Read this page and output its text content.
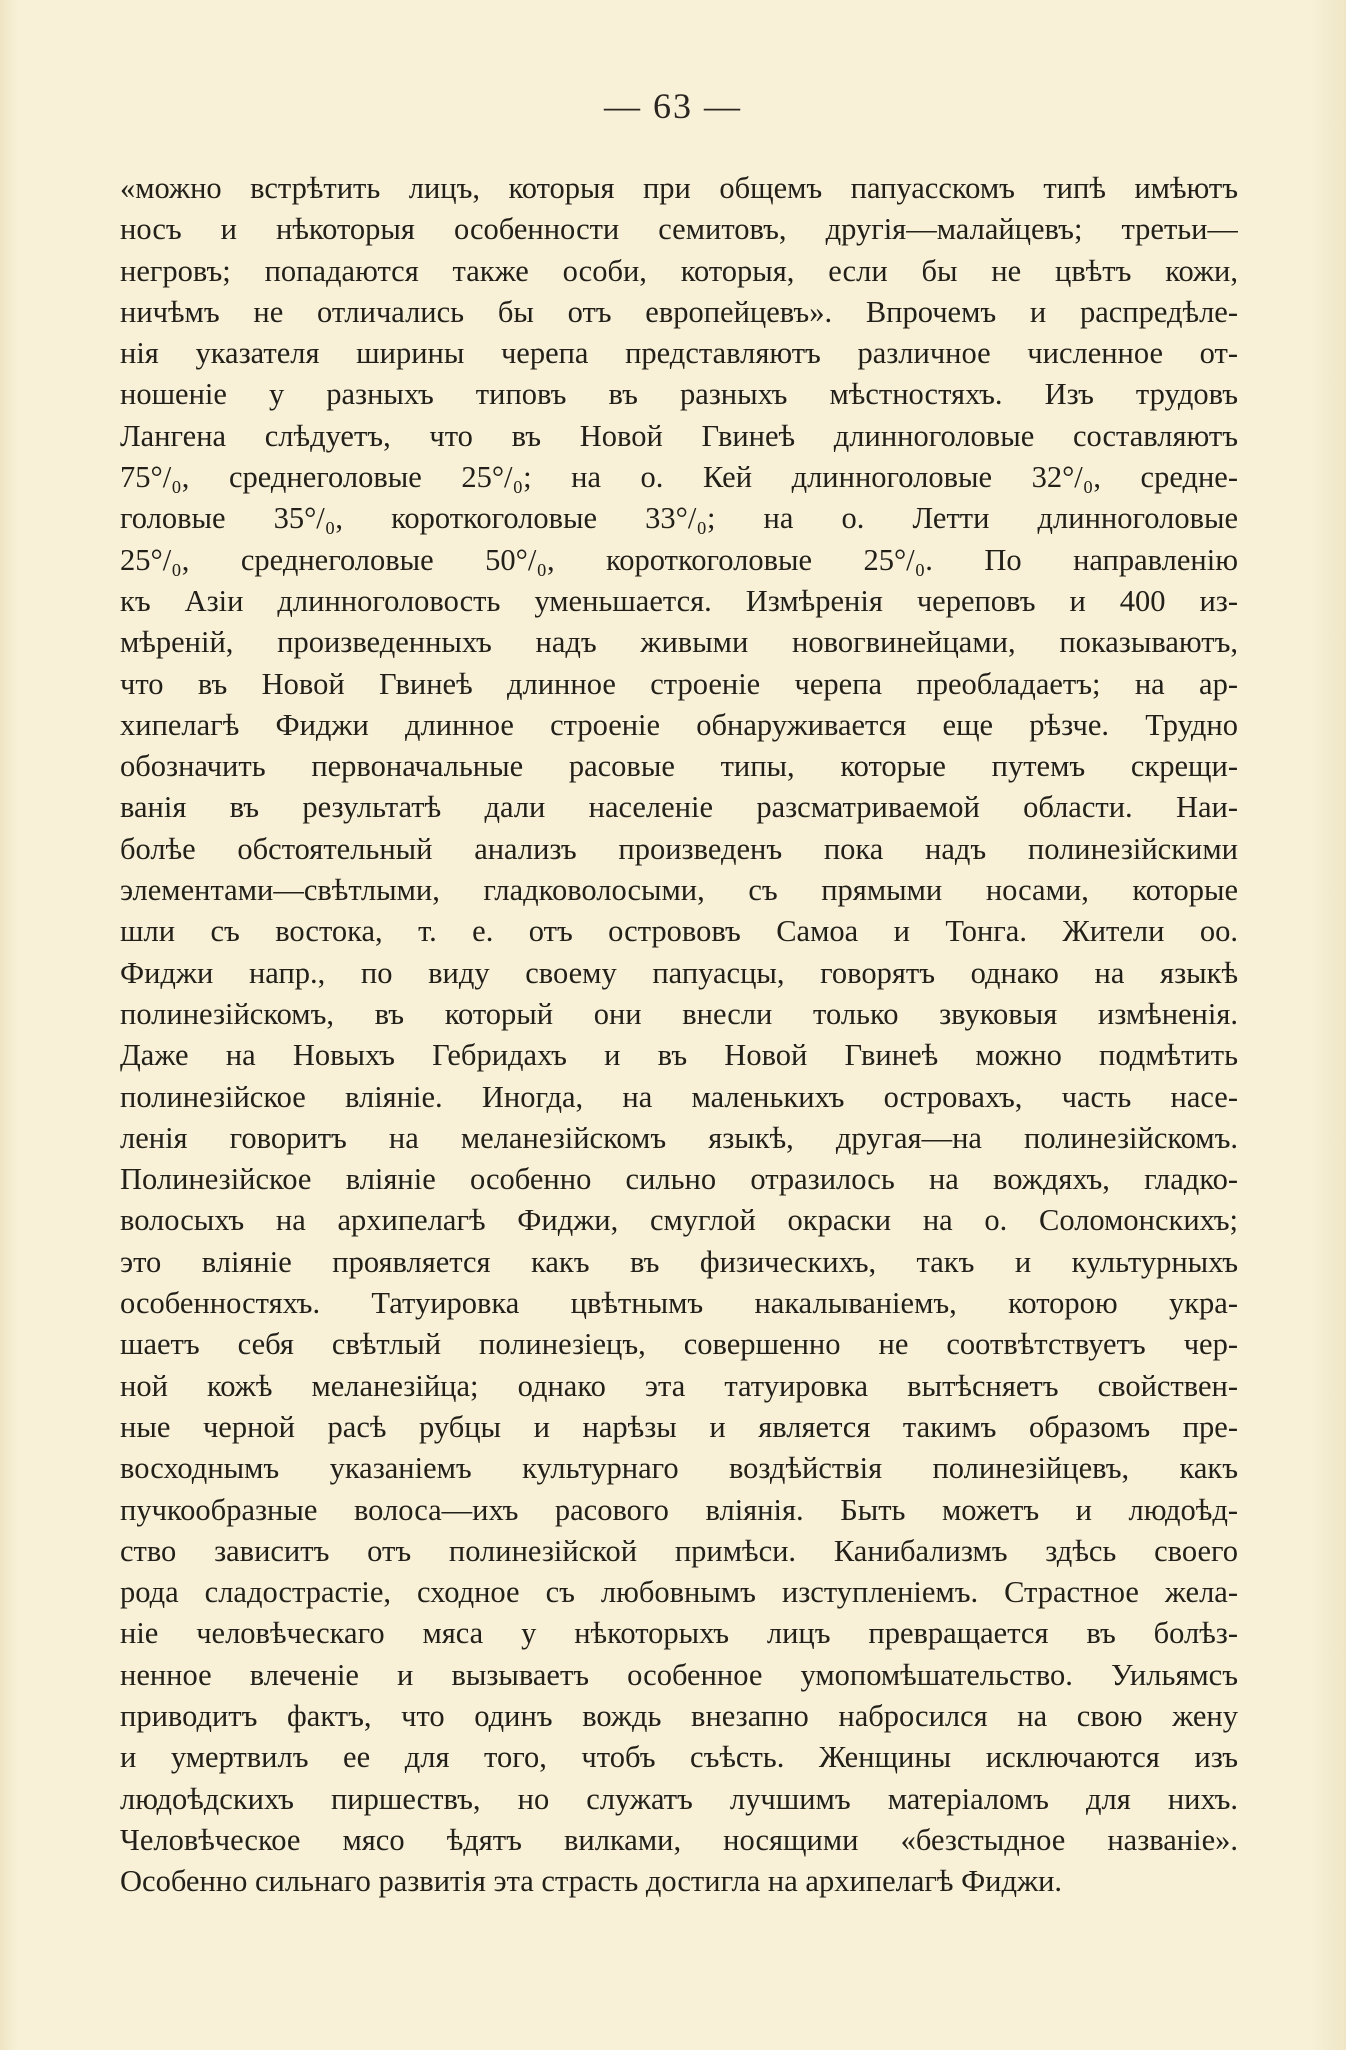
— 63 —
«можно встрѣтить лицъ, которыя при общемъ папуасскомъ типѣ имѣютъ
носъ и нѣкоторыя особенности семитовъ, другія—малайцевъ; третьи—
негровъ; попадаются также особи, которыя, если бы не цвѣтъ кожи,
ничѣмъ не отличались бы отъ европейцевъ». Впрочемъ и распредѣле-
нія указателя ширины черепа представляютъ различное численное от-
ношеніе у разныхъ типовъ въ разныхъ мѣстностяхъ. Изъ трудовъ
Лангена слѣдуетъ, что въ Новой Гвинеѣ длинноголовые составляютъ
75°/₀, среднеголовые 25°/₀; на о. Кей длинноголовые 32°/₀, средне-
головые 35°/₀, короткоголовые 33°/₀; на о. Летти длинноголовые
25°/₀, среднеголовые 50°/₀, короткоголовые 25°/₀. По направленію
къ Азіи длинноголовость уменьшается. Измѣренія череповъ и 400 из-
мѣреній, произведенныхъ надъ живыми новогвинейцами, показываютъ,
что въ Новой Гвинеѣ длинное строеніе черепа преобладаетъ; на ар-
хипелагѣ Фиджи длинное строеніе обнаруживается еще рѣзче. Трудно
обозначить первоначальные расовые типы, которые путемъ скрещи-
ванія въ результатѣ дали населеніе разсматриваемой области. Наи-
болѣе обстоятельный анализъ произведенъ пока надъ полинезійскими
элементами—свѣтлыми, гладковолосыми, съ прямыми носами, которые
шли съ востока, т. е. отъ острововъ Самоа и Тонга. Жители оо.
Фиджи напр., по виду своему папуасцы, говорятъ однако на языкѣ
полинезійскомъ, въ который они внесли только звуковыя измѣненія.
Даже на Новыхъ Гебридахъ и въ Новой Гвинеѣ можно подмѣтить
полинезійское вліяніе. Иногда, на маленькихъ островахъ, часть насе-
ленія говоритъ на меланезійскомъ языкѣ, другая—на полинезійскомъ.
Полинезійское вліяніе особенно сильно отразилось на вождяхъ, гладко-
волосыхъ на архипелагѣ Фиджи, смуглой окраски на о. Соломонскихъ;
это вліяніе проявляется какъ въ физическихъ, такъ и культурныхъ
особенностяхъ. Татуировка цвѣтнымъ накалываніемъ, которою укра-
шаетъ себя свѣтлый полинезіецъ, совершенно не соотвѣтствуетъ чер-
ной кожѣ меланезійца; однако эта татуировка вытѣсняетъ свойствен-
ные черной расѣ рубцы и нарѣзы и является такимъ образомъ пре-
восходнымъ указаніемъ культурнаго воздѣйствія полинезійцевъ, какъ
пучкообразные волоса—ихъ расового вліянія. Быть можетъ и людоѣд-
ство зависитъ отъ полинезійской примѣси. Канибализмъ здѣсь своего
рода сладострастіе, сходное съ любовнымъ изступленіемъ. Страстное жела-
ніе человѣческаго мяса у нѣкоторыхъ лицъ превращается въ болѣз-
ненное влеченіе и вызываетъ особенное умопомѣшательство. Уильямсъ
приводитъ фактъ, что одинъ вождь внезапно набросился на свою жену
и умертвилъ ее для того, чтобъ съѣсть. Женщины исключаются изъ
людоѣдскихъ пиршествъ, но служатъ лучшимъ матеріаломъ для нихъ.
Человѣческое мясо ѣдятъ вилками, носящими «безстыдное названіе».
Особенно сильнаго развитія эта страсть достигла на архипелагѣ Фиджи.
